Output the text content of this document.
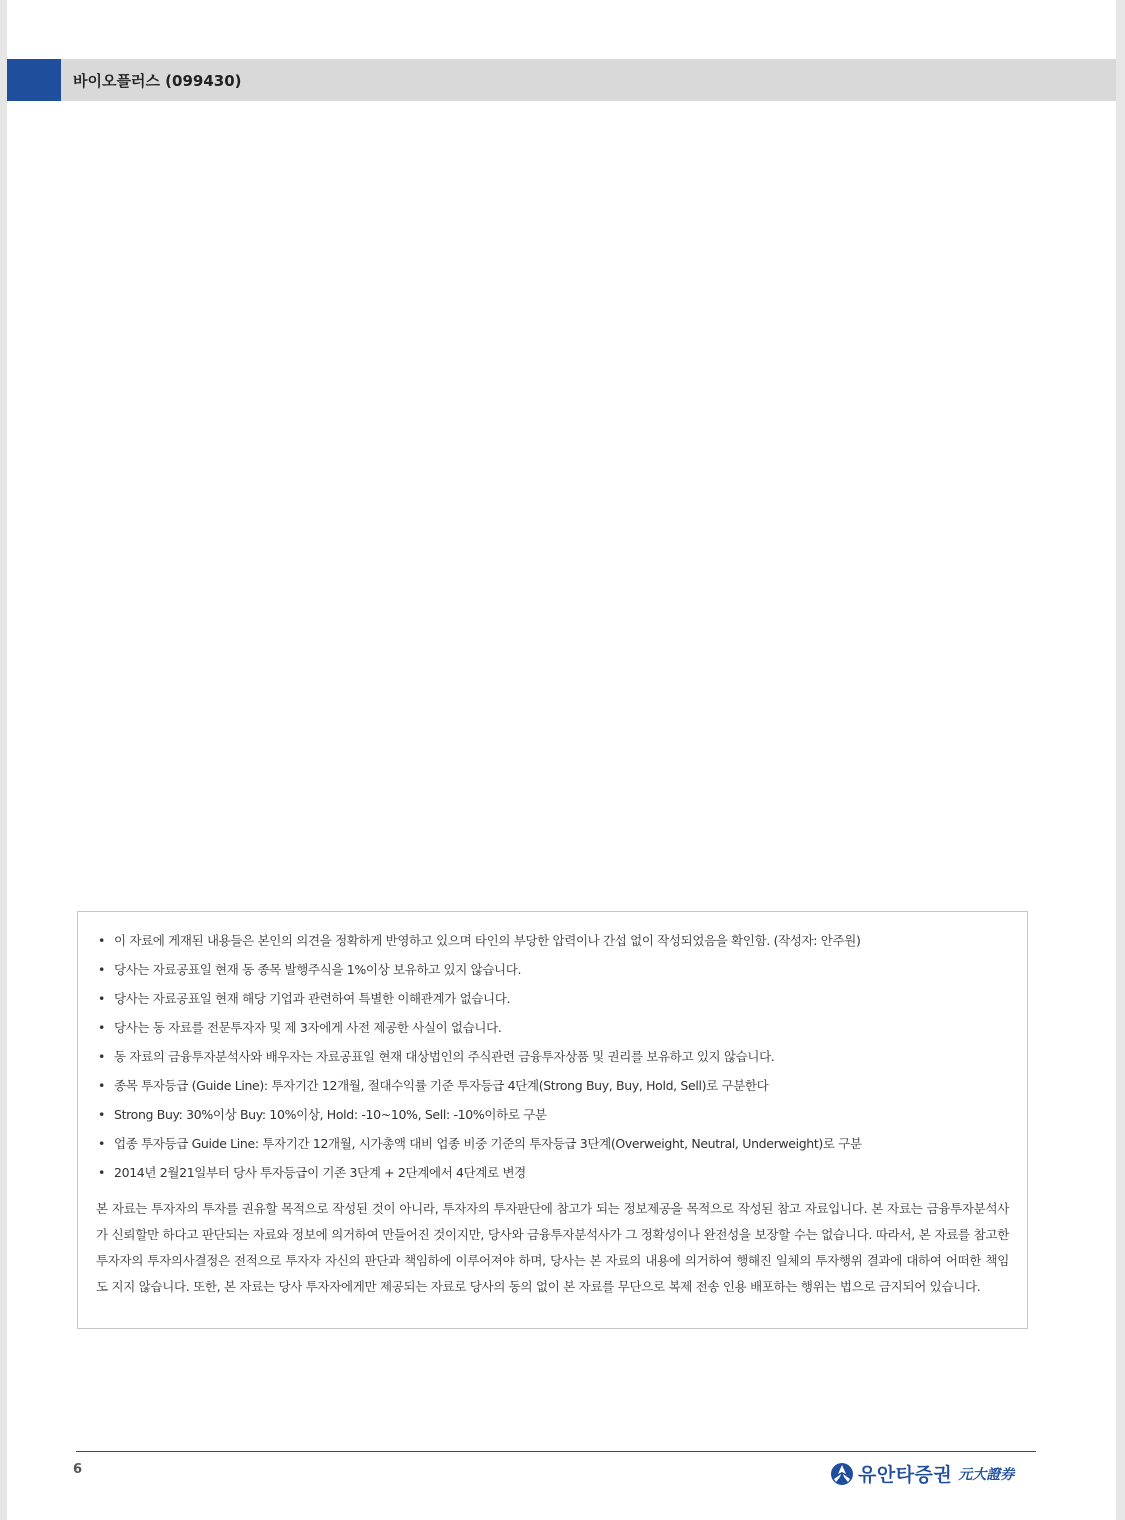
바이오플러스 (099430)
• 이 자료에 게재된 내용들은 본인의 의견을 정확하게 반영하고 있으며 타인의 부당한 압력이나 간섭 없이 작성되었음을 확인함. (작성자: 안주원)
• 당사는 자료공표일 현재 동 종목 발행주식을 1%이상 보유하고 있지 않습니다.
• 당사는 자료공표일 현재 해당 기업과 관련하여 특별한 이해관계가 없습니다.
• 당사는 동 자료를 전문투자자 및 제 3자에게 사전 제공한 사실이 없습니다.
• 동 자료의 금융투자분석사와 배우자는 자료공표일 현재 대상법인의 주식관련 금융투자상품 및 권리를 보유하고 있지 않습니다.
• 종목 투자등급 (Guide Line): 투자기간 12개월, 절대수익률 기준 투자등급 4단계(Strong Buy, Buy, Hold, Sell)로 구분한다
• Strong Buy: 30%이상 Buy: 10%이상, Hold: -10~10%, Sell: -10%이하로 구분
• 업종 투자등급 Guide Line: 투자기간 12개월, 시가총액 대비 업종 비중 기준의 투자등급 3단계(Overweight, Neutral, Underweight)로 구분
• 2014년 2월21일부터 당사 투자등급이 기존 3단계 + 2단계에서 4단계로 변경
본 자료는 투자자의 투자를 권유할 목적으로 작성된 것이 아니라, 투자자의 투자판단에 참고가 되는 정보제공을 목적으로 작성된 참고 자료입니다. 본 자료는 금융투자분석사가 신뢰할만 하다고 판단되는 자료와 정보에 의거하여 만들어진 것이지만, 당사와 금융투자분석사가 그 정확성이나 완전성을 보장할 수는 없습니다. 따라서, 본 자료를 참고한 투자자의 투자의사결정은 전적으로 투자자 자신의 판단과 책임하에 이루어져야 하며, 당사는 본 자료의 내용에 의거하여 행해진 일체의 투자행위 결과에 대하여 어떠한 책임도 지지 않습니다. 또한, 본 자료는 당사 투자자에게만 제공되는 자료로 당사의 동의 없이 본 자료를 무단으로 복제 전송 인용 배포하는 행위는 법으로 금지되어 있습니다.
6	유안타증권 元大證券
